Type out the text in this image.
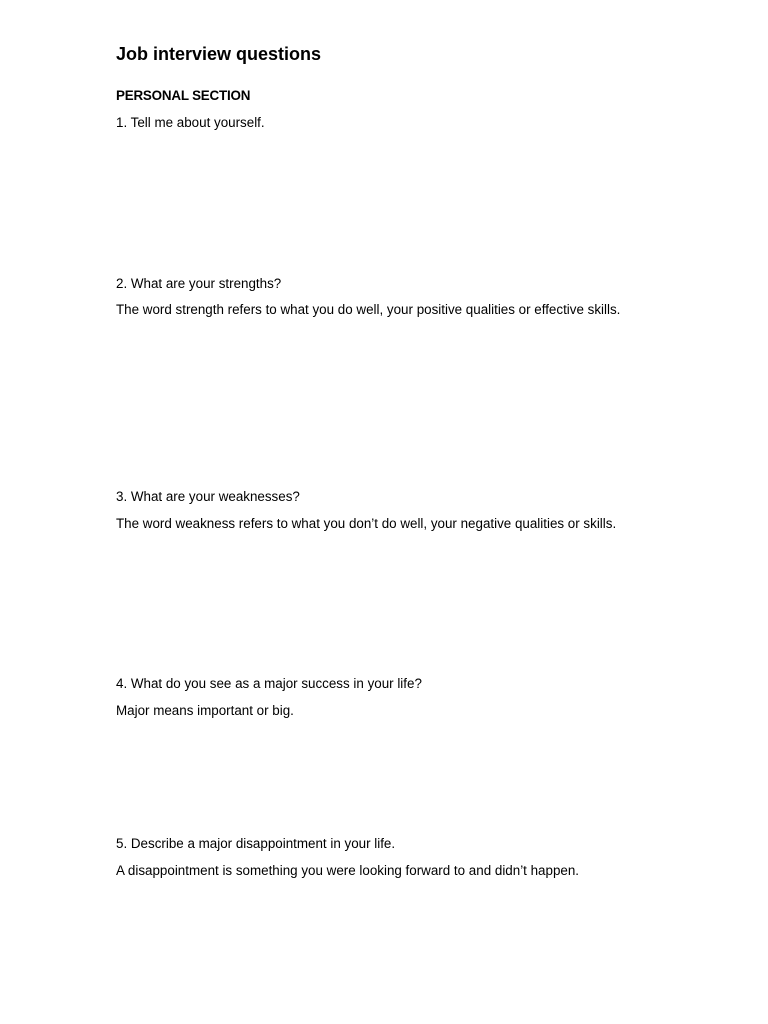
Job interview questions
PERSONAL SECTION

1. Tell me about yourself.

2. What are your strengths?

The word strength refers to what you do well, your positive qualities or effective skills.

3. What are your weaknesses?

The word weakness refers to what you don’t do well, your negative qualities or skills.

4. What do you see as a major success in your life?

Major means important or big.

5. Describe a major disappointment in your life.

A disappointment is something you were looking forward to and didn’t happen.
